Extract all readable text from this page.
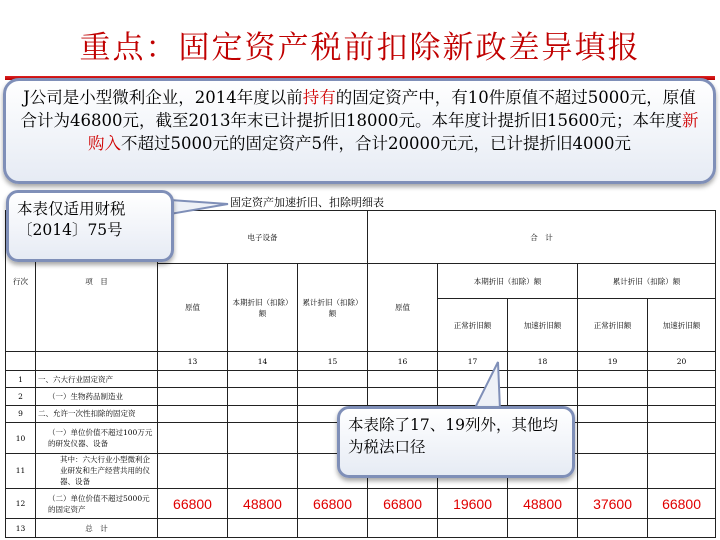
重点：固定资产税前扣除新政差异填报
J公司是小型微利企业，2014年度以前持有的固定资产中，有10件原值不超过5000元，原值合计为46800元，截至2013年末已计提折旧18000元。本年度计提折旧15600元；本年度新购入不超过5000元的固定资产5件，合计20000元元，已计提折旧4000元
固定资产加速折旧、扣除明细表
行次	项　目	电子设备			合　计				
		原值	本期折旧（扣除）额	累计折旧（扣除）额	原值	本期折旧（扣除）额		累计折旧（扣除）额	
						正常折旧额	加速折旧额	正常折旧额	加速折旧额
		13	14	15	16	17	18	19	20
1	一、六大行业固定资产								
2	（一）生物药品制造业								
9	二、允许一次性扣除的固定资								
10	（一）单位价值不超过100万元的研发仪器、设备								
11	其中：六大行业小型微利企业研发和生产经营共用的仪器、设备								
12	（二）单位价值不超过5000元的固定资产	66800	48800	66800	66800	19600	48800	37600	66800
13	总　计								
本表仅适用财税〔2014〕75号
本表除了17、19列外，其他均为税法口径
